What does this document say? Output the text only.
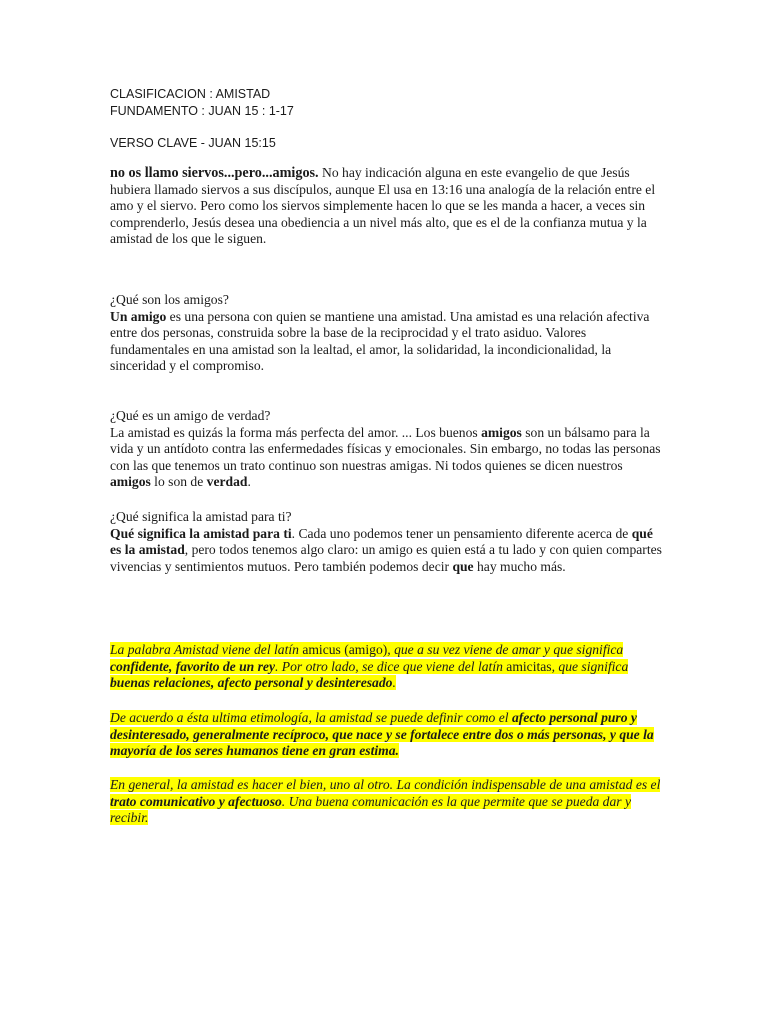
CLASIFICACION : AMISTAD

FUNDAMENTO : JUAN 15 : 1-17

VERSO CLAVE - JUAN 15:15

no os llamo siervos...pero...amigos. No hay indicación alguna en este evangelio de que Jesús hubiera llamado siervos a sus discípulos, aunque El usa en 13:16 una analogía de la relación entre el amo y el siervo. Pero como los siervos simplemente hacen lo que se les manda a hacer, a veces sin comprenderlo, Jesús desea una obediencia a un nivel más alto, que es el de la confianza mutua y la amistad de los que le siguen.

¿Qué son los amigos?

Un amigo es una persona con quien se mantiene una amistad. Una amistad es una relación afectiva entre dos personas, construida sobre la base de la reciprocidad y el trato asiduo. Valores fundamentales en una amistad son la lealtad, el amor, la solidaridad, la incondicionalidad, la sinceridad y el compromiso.

¿Qué es un amigo de verdad?

La amistad es quizás la forma más perfecta del amor. ... Los buenos amigos son un bálsamo para la vida y un antídoto contra las enfermedades físicas y emocionales. Sin embargo, no todas las personas con las que tenemos un trato continuo son nuestras amigas. Ni todos quienes se dicen nuestros amigos lo son de verdad.

¿Qué significa la amistad para ti?

Qué significa la amistad para ti. Cada uno podemos tener un pensamiento diferente acerca de qué es la amistad, pero todos tenemos algo claro: un amigo es quien está a tu lado y con quien compartes vivencias y sentimientos mutuos. Pero también podemos decir que hay mucho más.

La palabra Amistad viene del latín amicus (amigo), que a su vez viene de amar y que significa confidente, favorito de un rey. Por otro lado, se dice que viene del latín amicitas, que significa buenas relaciones, afecto personal y desinteresado.

De acuerdo a ésta ultima etimología, la amistad se puede definir como el afecto personal puro y desinteresado, generalmente recíproco, que nace y se fortalece entre dos o más personas, y que la mayoría de los seres humanos tiene en gran estima.

En general, la amistad es hacer el bien, uno al otro. La condición indispensable de una amistad es el trato comunicativo y afectuoso. Una buena comunicación es la que permite que se pueda dar y recibir.
